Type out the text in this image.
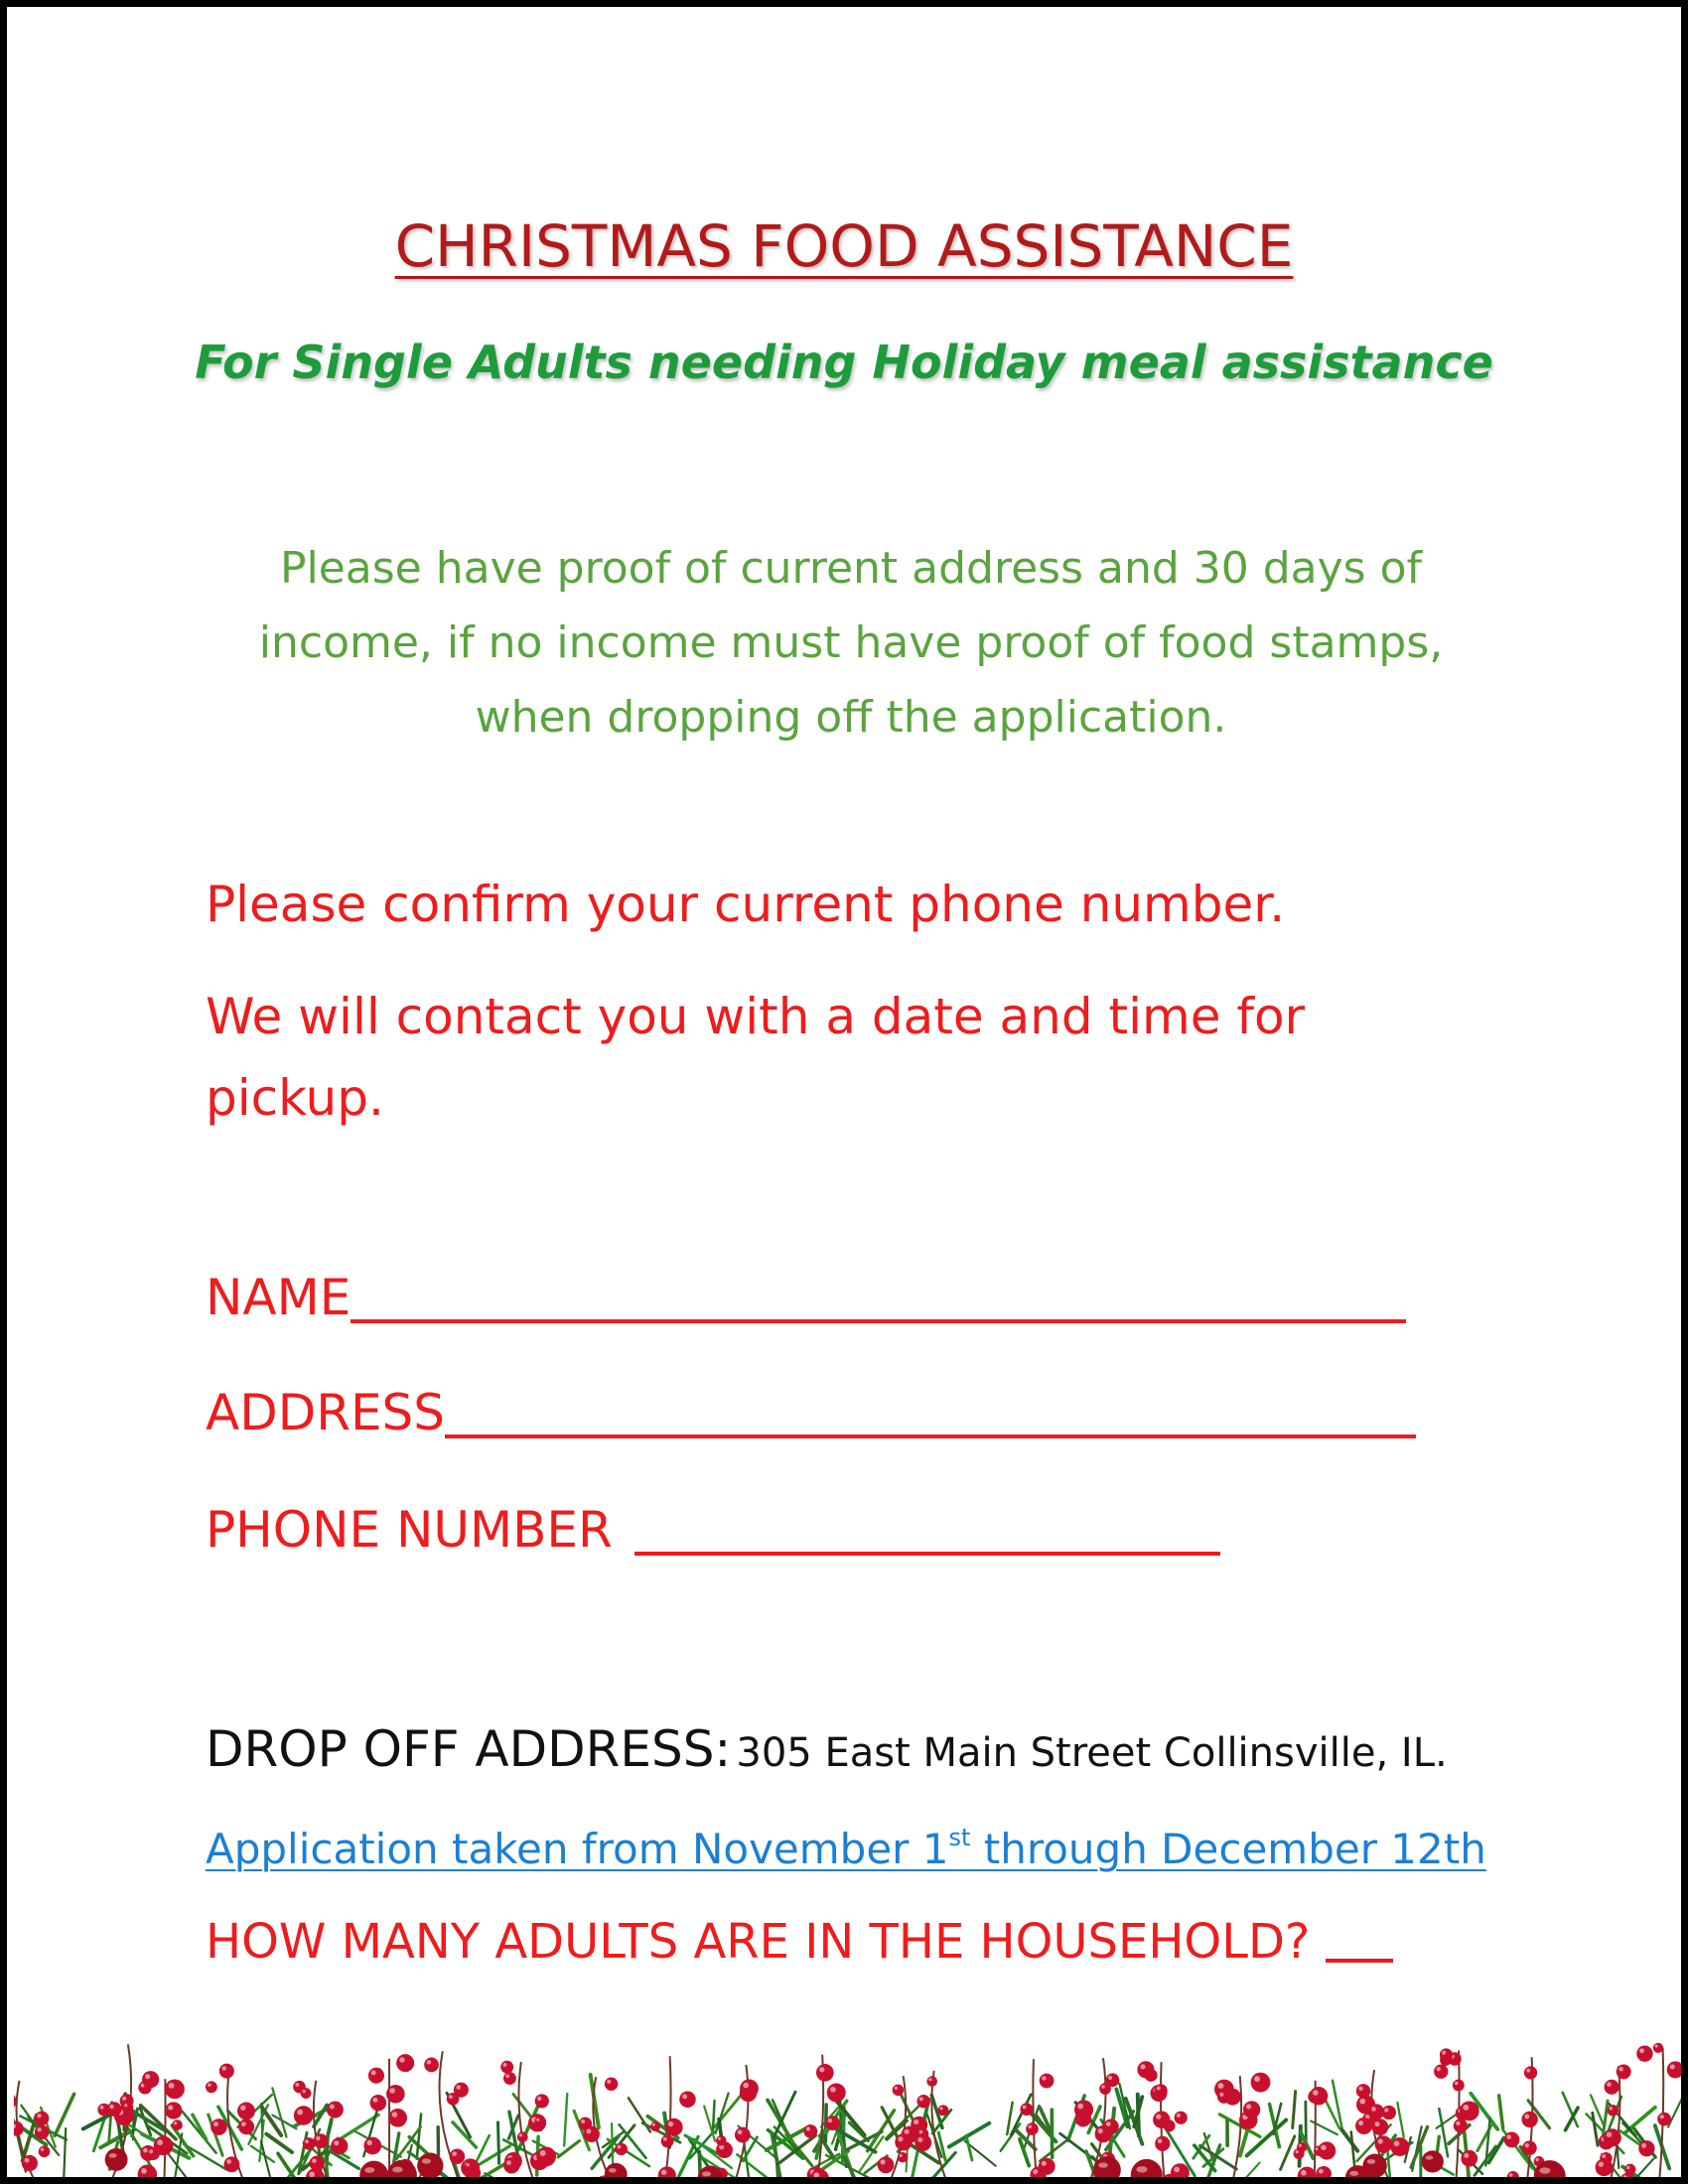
CHRISTMAS FOOD ASSISTANCE
For Single Adults needing Holiday meal assistance
Please have proof of current address and 30 days of
income, if no income must have proof of food stamps,
when dropping off the application.
Please confirm your current phone number.
We will contact you with a date and time for pickup.
NAME
ADDRESS
PHONE NUMBER
DROP OFF ADDRESS: 305 East Main Street Collinsville, IL.
Application taken from November 1st through December 12th
HOW MANY ADULTS ARE IN THE HOUSEHOLD?
